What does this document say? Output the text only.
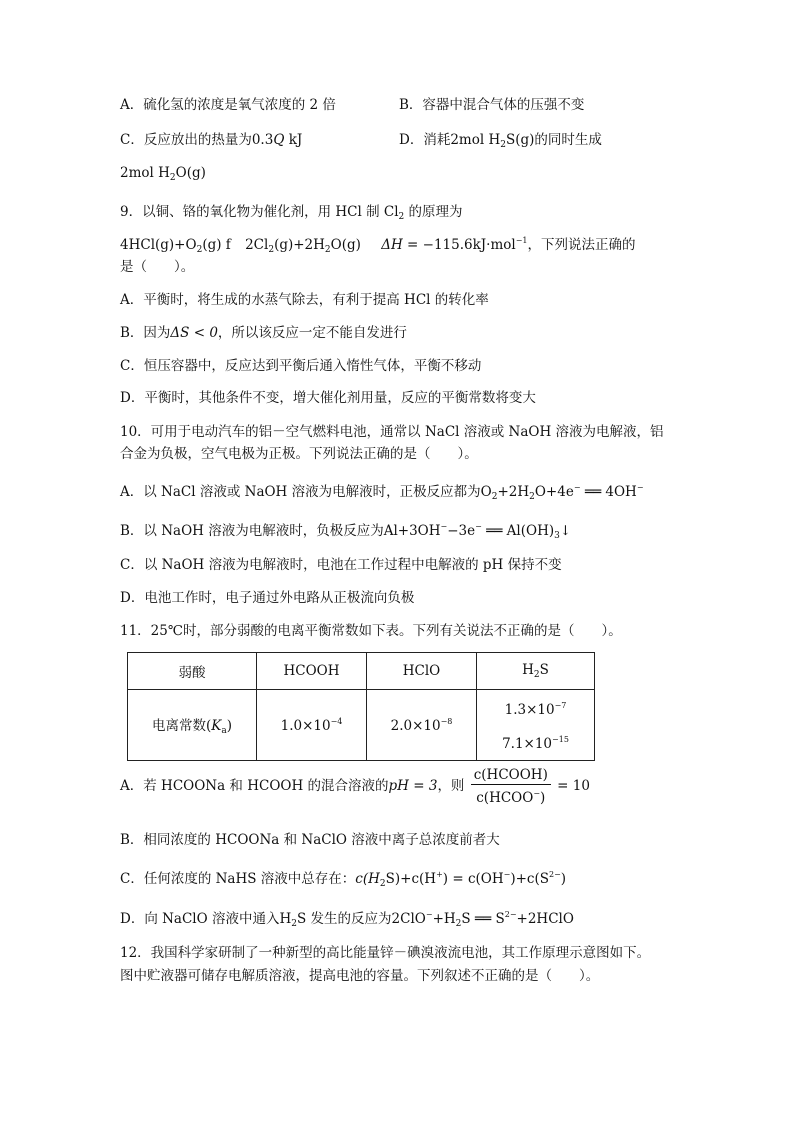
A．硫化氢的浓度是氧气浓度的 2 倍	B．容器中混合气体的压强不变
C．反应放出的热量为0.3Q kJ	D．消耗2mol $H_2S(g)$的同时生成
2mol $H_2O(g)$
9．以铜、铬的氧化物为催化剂，用 HCl 制 $Cl_2$ 的原理为
$4HCl(g)+O_2(g)$ f $2Cl_2(g)+2H_2O(g) \Delta H = -115.6kJ\cdot mol^{-1}$，下列说法正确的
是（　　）。
A．平衡时，将生成的水蒸气除去，有利于提高 HCl 的转化率
B．因为ΔS < 0，所以该反应一定不能自发进行
C．恒压容器中，反应达到平衡后通入惰性气体，平衡不移动
D．平衡时，其他条件不变，增大催化剂用量，反应的平衡常数将变大
10．可用于电动汽车的铝－空气燃料电池，通常以 NaCl 溶液或 NaOH 溶液为电解液，铝
合金为负极，空气电极为正极。下列说法正确的是（　　）。
A．以 NaCl 溶液或 NaOH 溶液为电解液时，正极反应都为$O_2+2H_2O+4e^-$ ══ 4OH−
B．以 NaOH 溶液为电解液时，负极反应为Al+3OH−−3e− ══ $Al(OH)_3↓$
C．以 NaOH 溶液为电解液时，电池在工作过程中电解液的 pH 保持不变
D．电池工作时，电子通过外电路从正极流向负极
11．25℃时，部分弱酸的电离平衡常数如下表。下列有关说法不正确的是（　　）。
弱酸	HCOOH	HClO	$H_2S$
电离常数$(K_a)$	$1.0\times 10^{-4}$	$2.0\times 10^{-8}$	$1.3\times 10^{-7}$
$7.1\times 10^{-15}$
A．若 HCOONa 和 HCOOH 的混合溶液的pH = 3，则 $\frac{\text{c(HCOOH)}}{c(HCOO^-)} = 10$
B．相同浓度的 HCOONa 和 NaClO 溶液中离子总浓度前者大
C．任何浓度的 NaHS 溶液中总存在：$c(H_2S)+c(H^+) = c(OH^-)+c(S^{2-})$
D．向 NaClO 溶液中通入$H_2S$ 发生的反应为$2ClO^-+H_2S$ ══ $S^{2-}+2HClO$
12．我国科学家研制了一种新型的高比能量锌－碘溴液流电池，其工作原理示意图如下。
图中贮液器可储存电解质溶液，提高电池的容量。下列叙述不正确的是（　　）。
